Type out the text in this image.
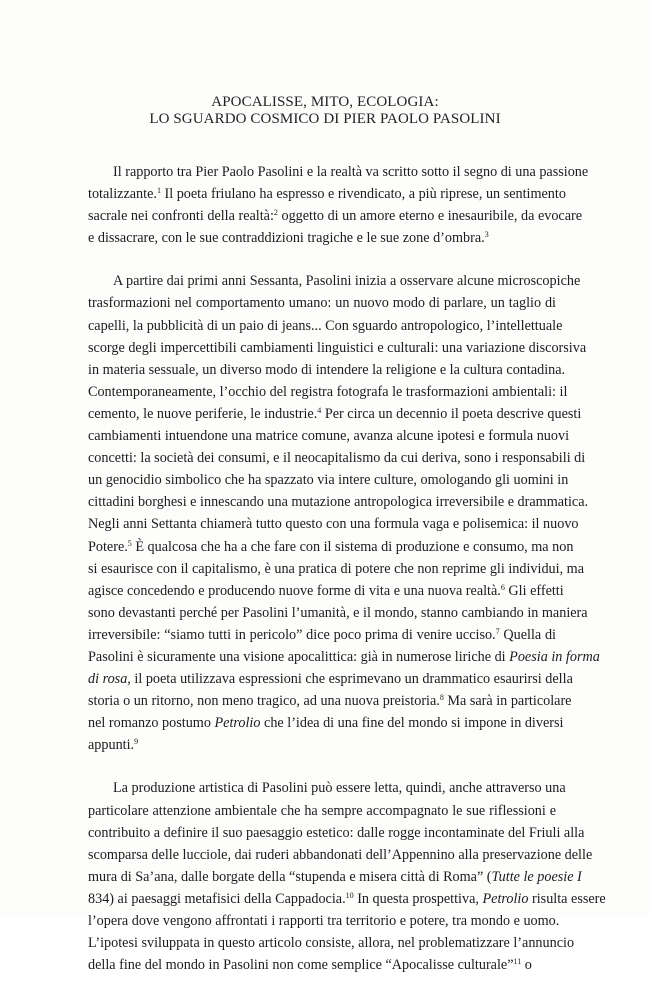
APOCALISSE, MITO, ECOLOGIA:
LO SGUARDO COSMICO DI PIER PAOLO PASOLINI
Il rapporto tra Pier Paolo Pasolini e la realtà va scritto sotto il segno di una passione
totalizzante.$^1$ Il poeta friulano ha espresso e rivendicato, a più riprese, un sentimento
sacrale nei confronti della realtà:$^2$ oggetto di un amore eterno e inesauribile, da evocare
e dissacrare, con le sue contraddizioni tragiche e le sue zone d’ombra.$^3$
A partire dai primi anni Sessanta, Pasolini inizia a osservare alcune microscopiche
trasformazioni nel comportamento umano: un nuovo modo di parlare, un taglio di
capelli, la pubblicità di un paio di jeans... Con sguardo antropologico, l’intellettuale
scorge degli impercettibili cambiamenti linguistici e culturali: una variazione discorsiva
in materia sessuale, un diverso modo di intendere la religione e la cultura contadina.
Contemporaneamente, l’occhio del registra fotografa le trasformazioni ambientali: il
cemento, le nuove periferie, le industrie.$^4$ Per circa un decennio il poeta descrive questi
cambiamenti intuendone una matrice comune, avanza alcune ipotesi e formula nuovi
concetti: la società dei consumi, e il neocapitalismo da cui deriva, sono i responsabili di
un genocidio simbolico che ha spazzato via intere culture, omologando gli uomini in
cittadini borghesi e innescando una mutazione antropologica irreversibile e drammatica.
Negli anni Settanta chiamerà tutto questo con una formula vaga e polisemica: il nuovo
Potere.$^5$ È qualcosa che ha a che fare con il sistema di produzione e consumo, ma non
si esaurisce con il capitalismo, è una pratica di potere che non reprime gli individui, ma
agisce concedendo e producendo nuove forme di vita e una nuova realtà.$^6$ Gli effetti
sono devastanti perché per Pasolini l’umanità, e il mondo, stanno cambiando in maniera
irreversibile: “siamo tutti in pericolo” dice poco prima di venire ucciso.$^7$ Quella di
Pasolini è sicuramente una visione apocalittica: già in numerose liriche di Poesia in forma
di rosa, il poeta utilizzava espressioni che esprimevano un drammatico esaurirsi della
storia o un ritorno, non meno tragico, ad una nuova preistoria.$^8$ Ma sarà in particolare
nel romanzo postumo Petrolio che l’idea di una fine del mondo si impone in diversi
appunti.$^9$
La produzione artistica di Pasolini può essere letta, quindi, anche attraverso una
particolare attenzione ambientale che ha sempre accompagnato le sue riflessioni e
contribuito a definire il suo paesaggio estetico: dalle rogge incontaminate del Friuli alla
scomparsa delle lucciole, dai ruderi abbandonati dell’Appennino alla preservazione delle
mura di Sa’ana, dalle borgate della “stupenda e misera città di Roma” (Tutte le poesie I
834) ai paesaggi metafisici della Cappadocia.$^{10}$ In questa prospettiva, Petrolio risulta essere
l’opera dove vengono affrontati i rapporti tra territorio e potere, tra mondo e uomo.
L’ipotesi sviluppata in questo articolo consiste, allora, nel problematizzare l’annuncio
della fine del mondo in Pasolini non come semplice “Apocalisse culturale”$^{11}$ o
